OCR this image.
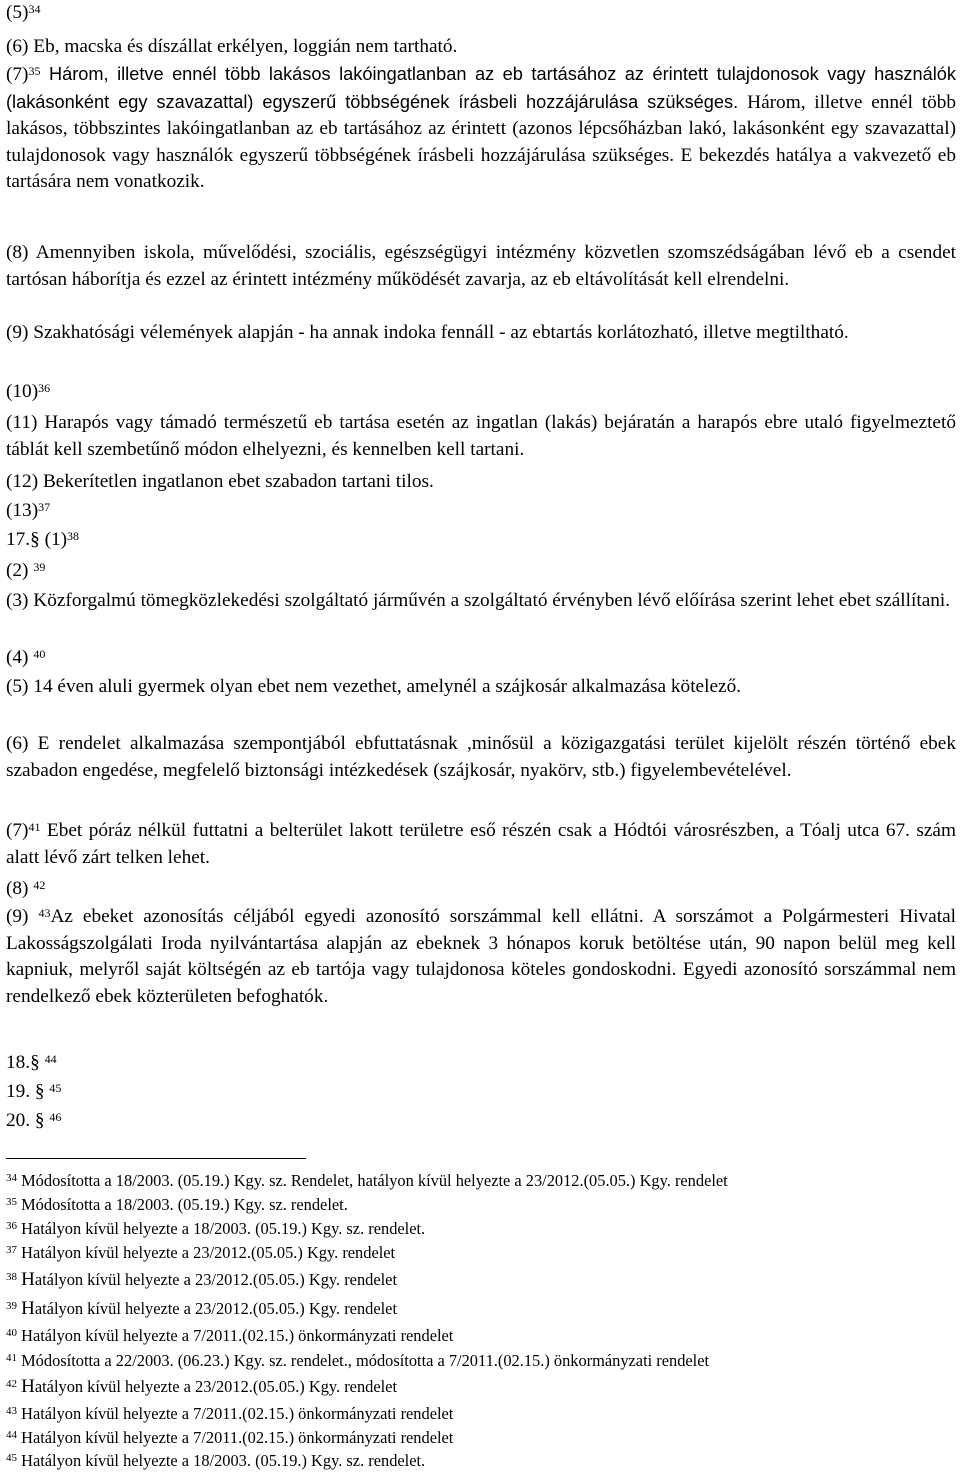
$(5)^{34}$

(6) Eb, macska és díszállat erkélyen, loggián nem tartható.

$(7)^{35}$ Három, illetve ennél több lakásos lakóingatlanban az eb tartásához az érintett tulajdonosok vagy használók (lakásonként egy szavazattal) egyszerű többségének írásbeli hozzájárulása szükséges. Három, illetve ennél több lakásos, többszintes lakóingatlanban az eb tartásához az érintett (azonos lépcsőházban lakó, lakásonként egy szavazattal) tulajdonosok vagy használók egyszerű többségének írásbeli hozzájárulása szükséges. E bekezdés hatálya a vakvezető eb tartására nem vonatkozik.

(8) Amennyiben iskola, művelődési, szociális, egészségügyi intézmény közvetlen szomszédságában lévő eb a csendet tartósan háborítja és ezzel az érintett intézmény működését zavarja, az eb eltávolítását kell elrendelni.

(9) Szakhatósági vélemények alapján - ha annak indoka fennáll - az ebtartás korlátozható, illetve megtiltható.

$(10)^{36}$

(11) Harapós vagy támadó természetű eb tartása esetén az ingatlan (lakás) bejáratán a harapós ebre utaló figyelmeztető táblát kell szembetűnő módon elhelyezni, és kennelben kell tartani.

(12) Bekerítetlen ingatlanon ebet szabadon tartani tilos.

$(13)^{37}$

17.§ $(1)^{38}$

(2) $^{39}$

(3) Közforgalmú tömegközlekedési szolgáltató járművén a szolgáltató érvényben lévő előírása szerint lehet ebet szállítani.

(4) $^{40}$

(5) 14 éven aluli gyermek olyan ebet nem vezethet, amelynél a szájkosár alkalmazása kötelező.

(6) E rendelet alkalmazása szempontjából ebfuttatásnak ,minősül a közigazgatási terület kijelölt részén történő ebek szabadon engedése, megfelelő biztonsági intézkedések (szájkosár, nyakörv, stb.) figyelembevételével.

$(7)^{41}$ Ebet póráz nélkül futtatni a belterület lakott területre eső részén csak a Hódtói városrészben, a Tóalj utca 67. szám alatt lévő zárt telken lehet.

(8) $^{42}$

(9) $^{43}$Az ebeket azonosítás céljából egyedi azonosító sorszámmal kell ellátni. A sorszámot a Polgármesteri Hivatal Lakosságszolgálati Iroda nyilvántartása alapján az ebeknek 3 hónapos koruk betöltése után, 90 napon belül meg kell kapniuk, melyről saját költségén az eb tartója vagy tulajdonosa köteles gondoskodni. Egyedi azonosító sorszámmal nem rendelkező ebek közterületen befoghatók.

18.§ $^{44}$

19. § $^{45}$

20. § $^{46}$

$^{34}$ Módosította a 18/2003. (05.19.) Kgy. sz. Rendelet, hatályon kívül helyezte a 23/2012.(05.05.) Kgy. rendelet
$^{35}$ Módosította a 18/2003. (05.19.) Kgy. sz. rendelet.
$^{36}$ Hatályon kívül helyezte a 18/2003. (05.19.) Kgy. sz. rendelet.
$^{37}$ Hatályon kívül helyezte a 23/2012.(05.05.) Kgy. rendelet
$^{38}$ Hatályon kívül helyezte a 23/2012.(05.05.) Kgy. rendelet
$^{39}$ Hatályon kívül helyezte a 23/2012.(05.05.) Kgy. rendelet
$^{40}$ Hatályon kívül helyezte a 7/2011.(02.15.) önkormányzati rendelet
$^{41}$ Módosította a 22/2003. (06.23.) Kgy. sz. rendelet., módosította a 7/2011.(02.15.) önkormányzati rendelet
$^{42}$ Hatályon kívül helyezte a 23/2012.(05.05.) Kgy. rendelet
$^{43}$ Hatályon kívül helyezte a 7/2011.(02.15.) önkormányzati rendelet
$^{44}$ Hatályon kívül helyezte a 7/2011.(02.15.) önkormányzati rendelet
$^{45}$ Hatályon kívül helyezte a 18/2003. (05.19.) Kgy. sz. rendelet.
